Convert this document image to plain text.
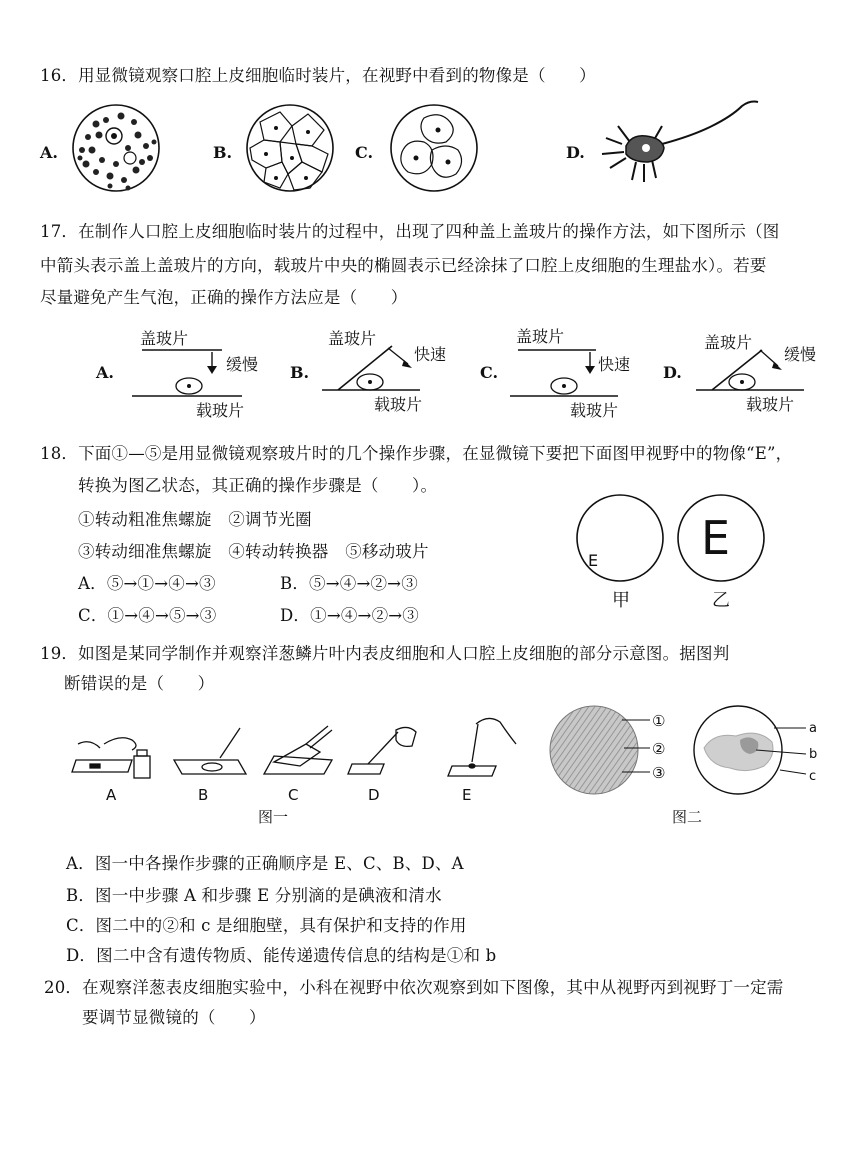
16．用显微镜观察口腔上皮细胞临时装片，在视野中看到的物像是（　　）
A.	B.	C.	D.
17．在制作人口腔上皮细胞临时装片的过程中，出现了四种盖上盖玻片的操作方法，如下图所示（图
中箭头表示盖上盖玻片的方向，载玻片中央的椭圆表示已经涂抹了口腔上皮细胞的生理盐水）。若要
尽量避免产生气泡，正确的操作方法应是（　　）
A.
盖玻片
缓慢
载玻片
B.
盖玻片
快速
载玻片
C.
盖玻片
快速
载玻片
D.
盖玻片
缓慢
载玻片
18．下面①—⑤是用显微镜观察玻片时的几个操作步骤，在显微镜下要把下面图甲视野中的物像“E”，
转换为图乙状态，其正确的操作步骤是（　　）。
①转动粗准焦螺旋　②调节光圈
③转动细准焦螺旋　④转动转换器　⑤移动玻片
A．⑤→①→④→③	B．⑤→④→②→③
C．①→④→⑤→③	D．①→④→②→③
E E
甲	乙
19．如图是某同学制作并观察洋葱鳞片叶内表皮细胞和人口腔上皮细胞的部分示意图。据图判
断错误的是（　　）
A	B	C	D	E
图一
①
②
③
a
b
c
图二
A．图一中各操作步骤的正确顺序是 E、C、B、D、A
B．图一中步骤 A 和步骤 E 分别滴的是碘液和清水
C．图二中的②和 c 是细胞壁，具有保护和支持的作用
D．图二中含有遗传物质、能传递遗传信息的结构是①和 b
20．在观察洋葱表皮细胞实验中，小科在视野中依次观察到如下图像，其中从视野丙到视野丁一定需
要调节显微镜的（　　）
